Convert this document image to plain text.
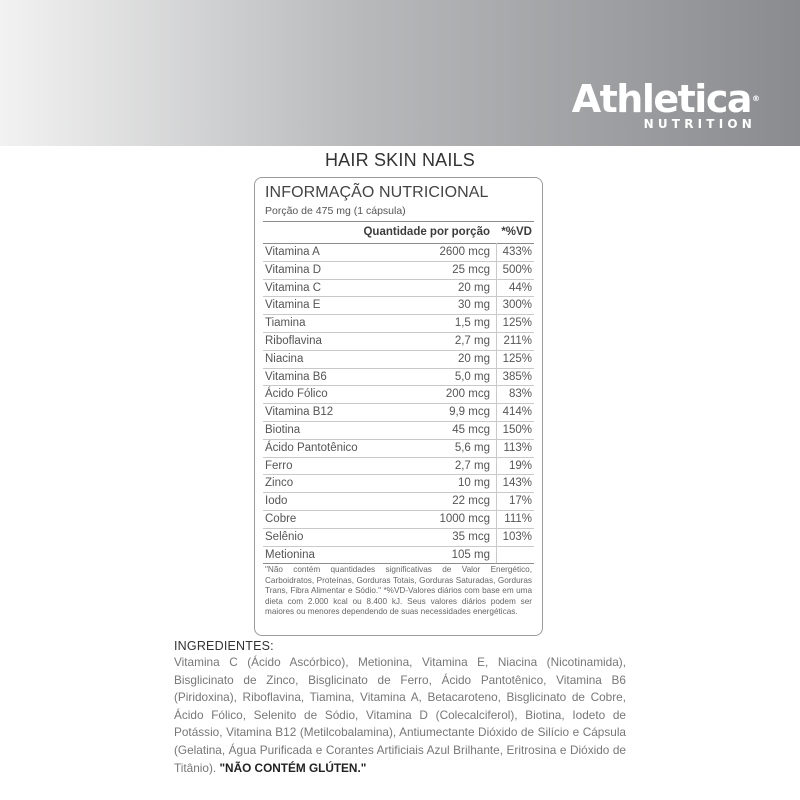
Athletica®
NUTRITION
HAIR SKIN NAILS
INFORMAÇÃO NUTRICIONAL
Porção de 475 mg (1 cápsula)
Quantidade por porção *%VD
Vitamina A	2600 mcg 433%
Vitamina D	25 mcg 500%
Vitamina C	20 mg 44%
Vitamina E	30 mg 300%
Tiamina	1,5 mg 125%
Riboflavina	2,7 mg 211%
Niacina	20 mg 125%
Vitamina B6	5,0 mg 385%
Ácido Fólico	200 mcg 83%
Vitamina B12	9,9 mcg 414%
Biotina	45 mcg 150%
Ácido Pantotênico	5,6 mg 113%
Ferro	2,7 mg 19%
Zinco	10 mg 143%
Iodo	22 mcg 17%
Cobre	1000 mcg 111%
Selênio	35 mcg 103%
Metionina	105 mg
"Não contém quantidades significativas de Valor Energético, Carboidratos, Proteínas, Gorduras Totais, Gorduras Saturadas, Gorduras Trans, Fibra Alimentar e Sódio." *%VD-Valores diários com base em uma dieta com 2.000 kcal ou 8.400 kJ. Seus valores diários podem ser maiores ou menores dependendo de suas necessidades energéticas.
INGREDIENTES:
Vitamina C (Ácido Ascórbico), Metionina, Vitamina E, Niacina (Nicotinamida), Bisglicinato de Zinco, Bisglicinato de Ferro, Ácido Pantotênico, Vitamina B6 (Piridoxina), Riboflavina, Tiamina, Vitamina A, Betacaroteno, Bisglicinato de Cobre, Ácido Fólico, Selenito de Sódio, Vitamina D (Colecalciferol), Biotina, Iodeto de Potássio, Vitamina B12 (Metilcobalamina), Antiumectante Dióxido de Silício e Cápsula (Gelatina, Água Purificada e Corantes Artificiais Azul Brilhante, Eritrosina e Dióxido de Titânio). "NÃO CONTÉM GLÚTEN."
